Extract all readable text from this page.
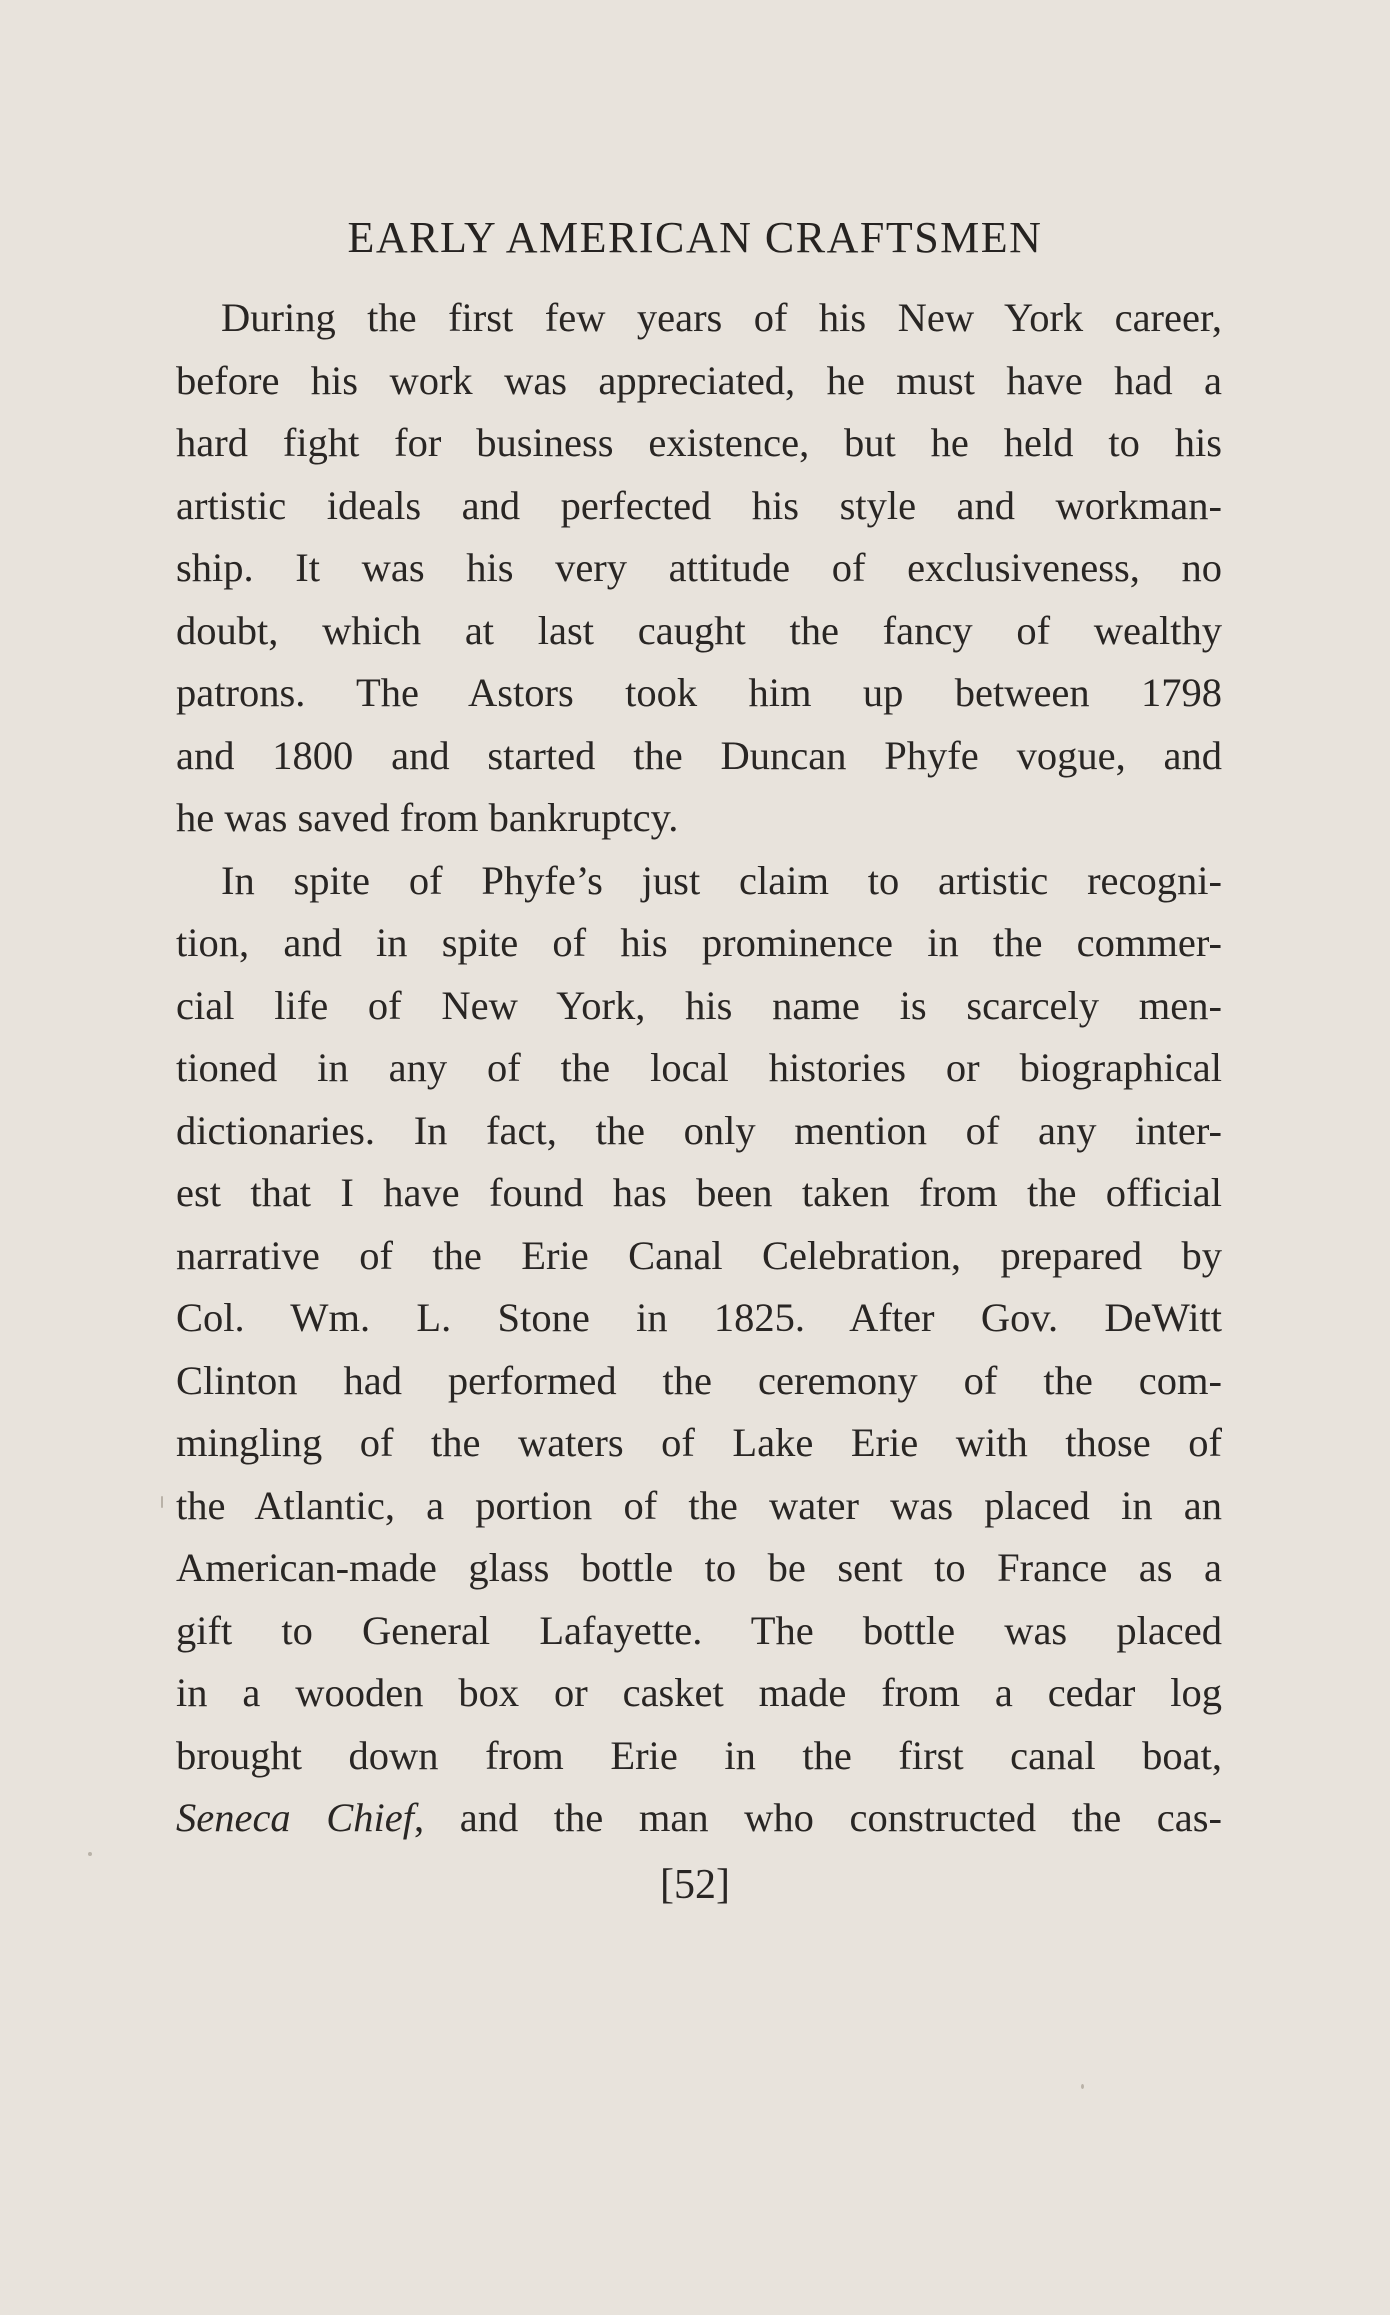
EARLY AMERICAN CRAFTSMEN
During the first few years of his New York career,
before his work was appreciated, he must have had a
hard fight for business existence, but he held to his
artistic ideals and perfected his style and workman-
ship. It was his very attitude of exclusiveness, no
doubt, which at last caught the fancy of wealthy
patrons. The Astors took him up between 1798
and 1800 and started the Duncan Phyfe vogue, and
he was saved from bankruptcy.
In spite of Phyfe’s just claim to artistic recogni-
tion, and in spite of his prominence in the commer-
cial life of New York, his name is scarcely men-
tioned in any of the local histories or biographical
dictionaries. In fact, the only mention of any inter-
est that I have found has been taken from the official
narrative of the Erie Canal Celebration, prepared by
Col. Wm. L. Stone in 1825. After Gov. DeWitt
Clinton had performed the ceremony of the com-
mingling of the waters of Lake Erie with those of
the Atlantic, a portion of the water was placed in an
American-made glass bottle to be sent to France as a
gift to General Lafayette. The bottle was placed
in a wooden box or casket made from a cedar log
brought down from Erie in the first canal boat,
Seneca Chief, and the man who constructed the cas-
[52]
